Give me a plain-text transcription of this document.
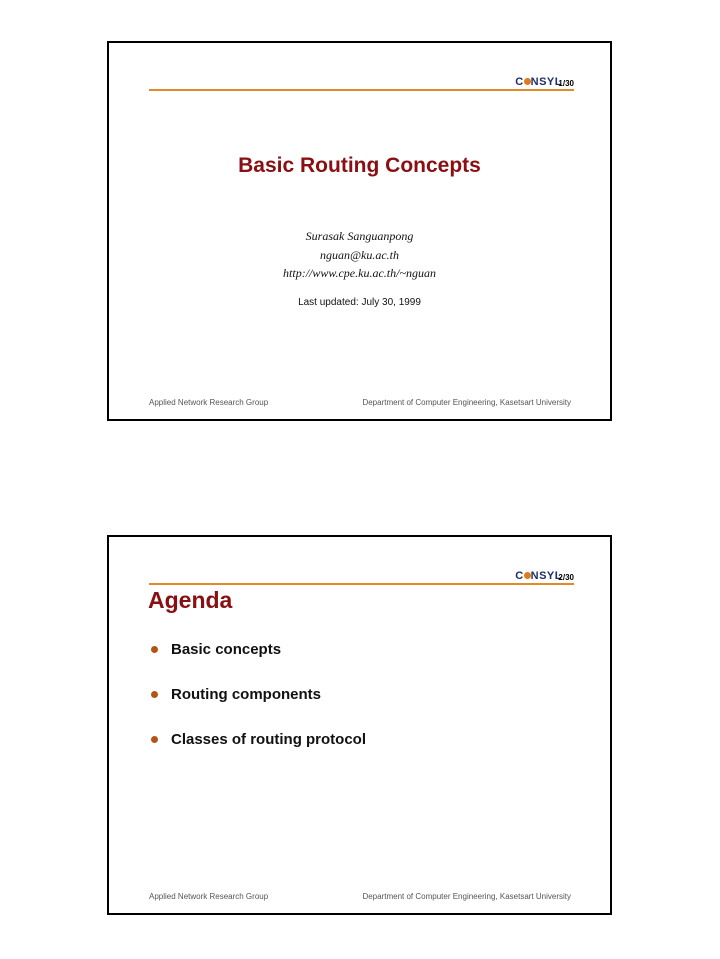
C NSYL
1/30
Basic Routing Concepts
Surasak Sanguanpong
nguan@ku.ac.th
http://www.cpe.ku.ac.th/~nguan
Last updated: July 30, 1999
Applied Network Research Group	Department of Computer Engineering, Kasetsart University
C NSYL
2/30
Agenda
Basic concepts
Routing components
Classes of routing protocol
Applied Network Research Group	Department of Computer Engineering, Kasetsart University
